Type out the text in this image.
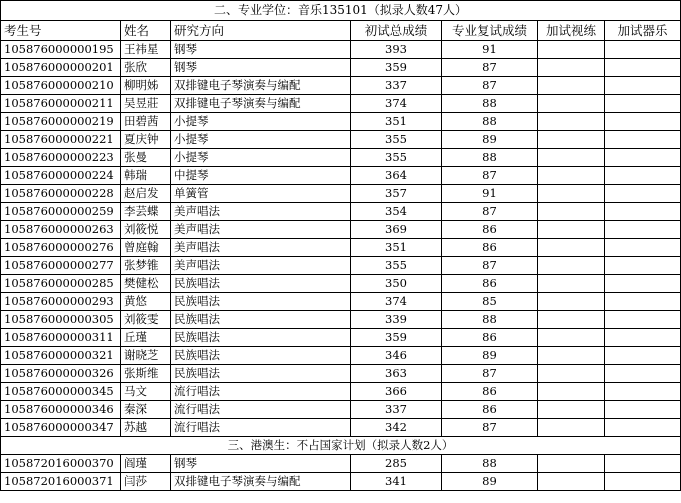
二、专业学位：音乐135101（拟录人数47人）						
考生号	姓名	研究方向	初试总成绩	专业复试成绩	加试视练	加试器乐
105876000000195	王祎星	钢琴	393	91		
105876000000201	张欣	钢琴	359	87		
105876000000210	柳明姊	双排键电子琴演奏与编配	337	87		
105876000000211	吴昱莊	双排键电子琴演奏与编配	374	88		
105876000000219	田碧茜	小提琴	351	88		
105876000000221	夏庆钟	小提琴	355	89		
105876000000223	张曼	小提琴	355	88		
105876000000224	韩瑞	中提琴	364	87		
105876000000228	赵启发	单簧管	357	91		
105876000000259	李芸蝶	美声唱法	354	87		
105876000000263	刘筱悦	美声唱法	369	86		
105876000000276	曾庭翰	美声唱法	351	86		
105876000000277	张梦锥	美声唱法	355	87		
105876000000285	樊健松	民族唱法	350	86		
105876000000293	黄悠	民族唱法	374	85		
105876000000305	刘筱雯	民族唱法	339	88		
105876000000311	丘瑾	民族唱法	359	86		
105876000000321	谢晓芝	民族唱法	346	89		
105876000000326	张斯维	民族唱法	363	87		
105876000000345	马文	流行唱法	366	86		
105876000000346	秦深	流行唱法	337	86		
105876000000347	苏越	流行唱法	342	87		
三、港澳生：不占国家计划（拟录人数2人）						
105872016000370	阎瑾	钢琴	285	88		
105872016000371	闫莎	双排键电子琴演奏与编配	341	89		
